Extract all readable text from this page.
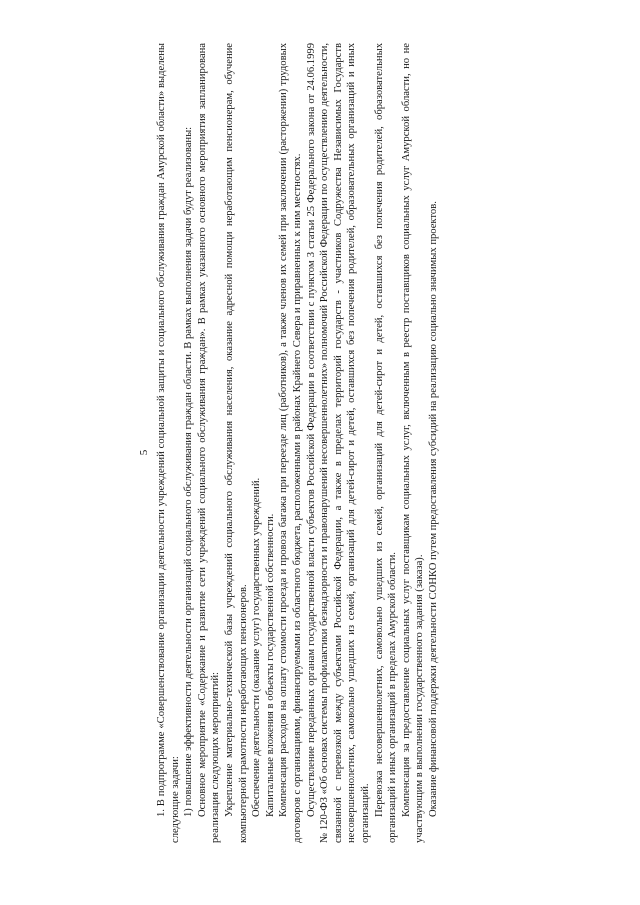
5 1. В подпрограмме «Совершенствование организации деятельности учреждений социальной защиты и социального обслуживания граждан Амурской области» выделены следующие задачи: 1) повышение эффективности деятельности организаций социального обслуживания граждан области. В рамках выполнения задачи будут реализованы: Основное мероприятие «Содержание и развитие сети учреждений социального обслуживания граждан». В рамках указанного основного мероприятия запланирована реализация следующих мероприятий: Укрепление материально-технической базы учреждений социального обслуживания населения, оказание адресной помощи неработающим пенсионерам, обучение компьютерной грамотности неработающих пенсионеров. Обеспечение деятельности (оказание услуг) государственных учреждений. Капитальные вложения в объекты государственной собственности. Компенсация расходов на оплату стоимости проезда и провоза багажа при переезде лиц (работников), а также членов их семей при заключении (расторжении) трудовых договоров с организациями, финансируемыми из областного бюджета, расположенными в районах Крайнего Севера и приравненных к ним местностях. Осуществление переданных органам государственной власти субъектов Российской Федерации в соответствии с пунктом 3 статьи 25 Федерального закона от 24.06.1999 № 120-ФЗ «Об основах системы профилактики безнадзорности и правонарушений несовершеннолетних» полномочий Российской Федерации по осуществлению деятельности, связанной с перевозкой между субъектами Российской Федерации, а также в пределах территорий государств - участников Содружества Независимых Государств несовершеннолетних, самовольно ушедших из семей, организаций для детей-сирот и детей, оставшихся без попечения родителей, образовательных организаций и иных организаций. Перевозка несовершеннолетних, самовольно ушедших из семей, организаций для детей-сирот и детей, оставшихся без попечения родителей, образовательных организаций и иных организаций в пределах Амурской области. Компенсация за предоставление социальных услуг поставщикам социальных услуг, включенным в реестр поставщиков социальных услуг Амурской области, но не участвующим в выполнении государственного задания (заказа). Оказание финансовой поддержки деятельности СОНКО путем предоставления субсидий на реализацию социально значимых проектов.
